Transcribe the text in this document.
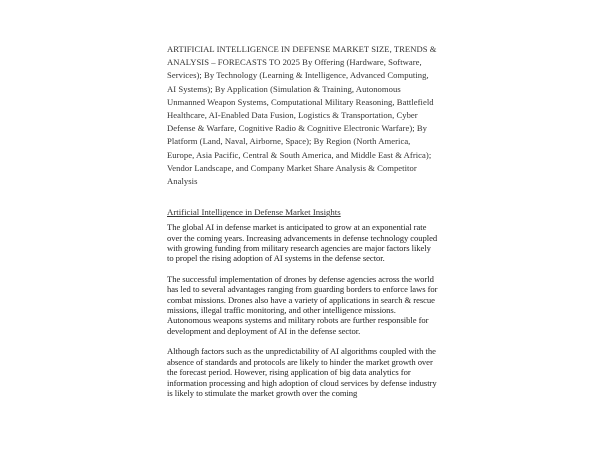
ARTIFICIAL INTELLIGENCE IN DEFENSE MARKET SIZE, TRENDS & ANALYSIS – FORECASTS TO 2025 By Offering (Hardware, Software, Services); By Technology (Learning & Intelligence, Advanced Computing, AI Systems); By Application (Simulation & Training, Autonomous Unmanned Weapon Systems, Computational Military Reasoning, Battlefield Healthcare, AI-Enabled Data Fusion, Logistics & Transportation, Cyber Defense & Warfare, Cognitive Radio & Cognitive Electronic Warfare); By Platform (Land, Naval, Airborne, Space); By Region (North America, Europe, Asia Pacific, Central & South America, and Middle East & Africa); Vendor Landscape, and Company Market Share Analysis & Competitor Analysis

Artificial Intelligence in Defense Market Insights

The global AI in defense market is anticipated to grow at an exponential rate over the coming years. Increasing advancements in defense technology coupled with growing funding from military research agencies are major factors likely to propel the rising adoption of AI systems in the defense sector.

The successful implementation of drones by defense agencies across the world has led to several advantages ranging from guarding borders to enforce laws for combat missions. Drones also have a variety of applications in search & rescue missions, illegal traffic monitoring, and other intelligence missions. Autonomous weapons systems and military robots are further responsible for development and deployment of AI in the defense sector.

Although factors such as the unpredictability of AI algorithms coupled with the absence of standards and protocols are likely to hinder the market growth over the forecast period. However, rising application of big data analytics for information processing and high adoption of cloud services by defense industry is likely to stimulate the market growth over the coming
